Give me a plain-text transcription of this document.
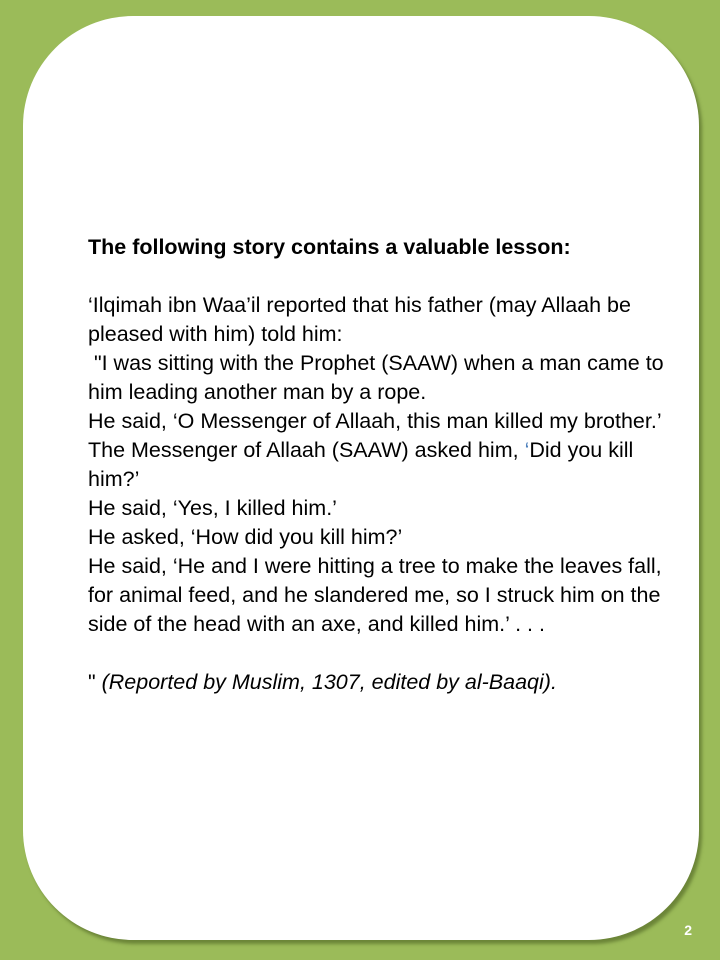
The following story contains a valuable lesson:

‘Ilqimah ibn Waa’il reported that his father (may Allaah be

pleased with him) told him:

"I was sitting with the Prophet (SAAW) when a man came to

him leading another man by a rope.

He said, ‘O Messenger of Allaah, this man killed my brother.’

The Messenger of Allaah (SAAW) asked him, ‘Did you kill

him?’

He said, ‘Yes, I killed him.’

He asked, ‘How did you kill him?’

He said, ‘He and I were hitting a tree to make the leaves fall,

for animal feed, and he slandered me, so I struck him on the

side of the head with an axe, and killed him.’ . . .

" (Reported by Muslim, 1307, edited by al-Baaqi).

2
